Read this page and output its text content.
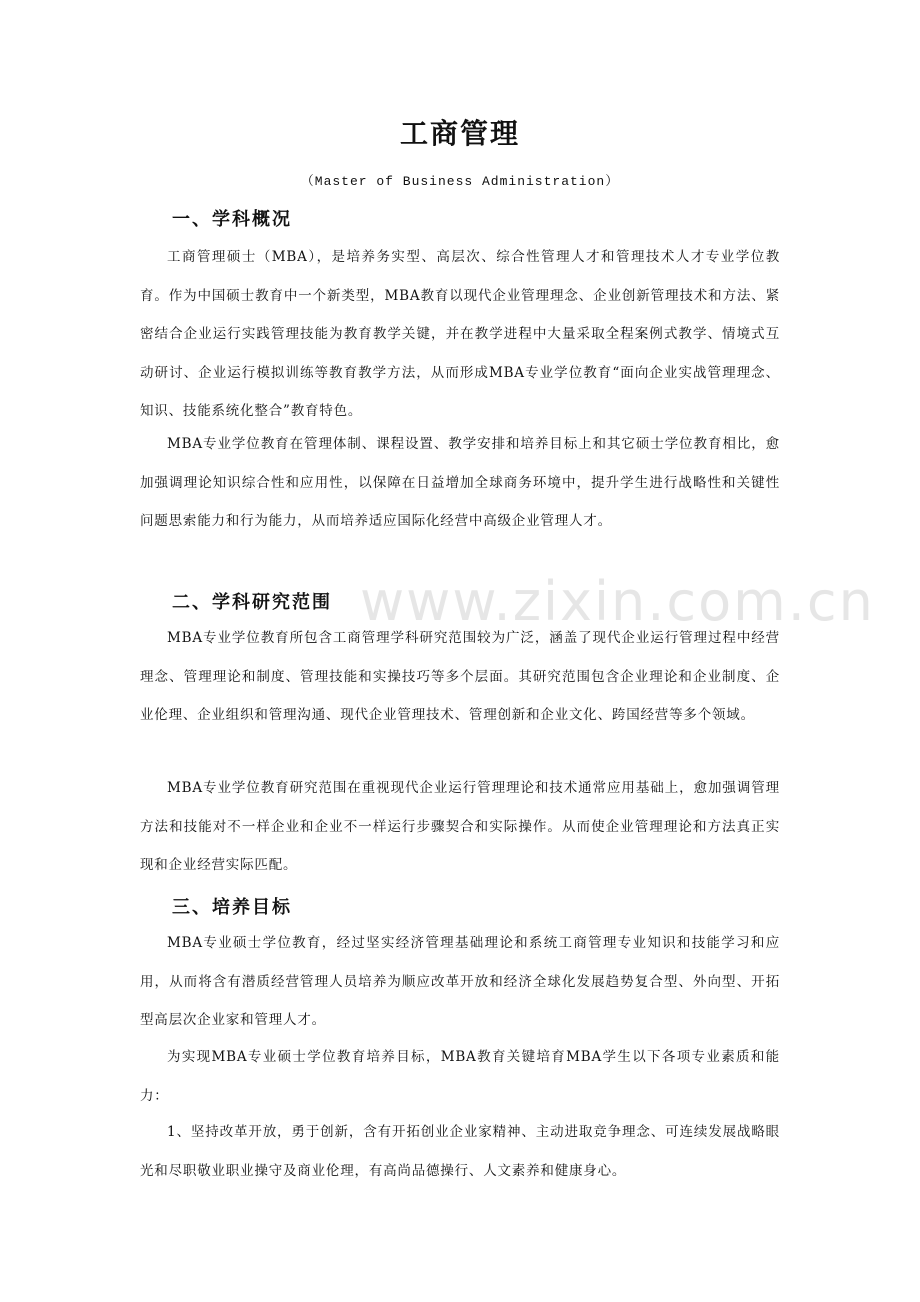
www.zixin.com.cn
工商管理
（Master of Business Administration）
一、学科概况
工商管理硕士（MBA），是培养务实型、高层次、综合性管理人才和管理技术人才专业学位教育。作为中国硕士教育中一个新类型，MBA教育以现代企业管理理念、企业创新管理技术和方法、紧密结合企业运行实践管理技能为教育教学关键，并在教学进程中大量采取全程案例式教学、情境式互动研讨、企业运行模拟训练等教育教学方法，从而形成MBA专业学位教育“面向企业实战管理理念、知识、技能系统化整合”教育特色。
MBA专业学位教育在管理体制、课程设置、教学安排和培养目标上和其它硕士学位教育相比，愈加强调理论知识综合性和应用性，以保障在日益增加全球商务环境中，提升学生进行战略性和关键性问题思索能力和行为能力，从而培养适应国际化经营中高级企业管理人才。
二、学科研究范围
MBA专业学位教育所包含工商管理学科研究范围较为广泛，涵盖了现代企业运行管理过程中经营理念、管理理论和制度、管理技能和实操技巧等多个层面。其研究范围包含企业理论和企业制度、企业伦理、企业组织和管理沟通、现代企业管理技术、管理创新和企业文化、跨国经营等多个领域。
MBA专业学位教育研究范围在重视现代企业运行管理理论和技术通常应用基础上，愈加强调管理方法和技能对不一样企业和企业不一样运行步骤契合和实际操作。从而使企业管理理论和方法真正实现和企业经营实际匹配。
三、培养目标
MBA专业硕士学位教育，经过坚实经济管理基础理论和系统工商管理专业知识和技能学习和应用，从而将含有潜质经营管理人员培养为顺应改革开放和经济全球化发展趋势复合型、外向型、开拓型高层次企业家和管理人才。
为实现MBA专业硕士学位教育培养目标，MBA教育关键培育MBA学生以下各项专业素质和能力：
1、坚持改革开放，勇于创新，含有开拓创业企业家精神、主动进取竞争理念、可连续发展战略眼光和尽职敬业职业操守及商业伦理，有高尚品德操行、人文素养和健康身心。
